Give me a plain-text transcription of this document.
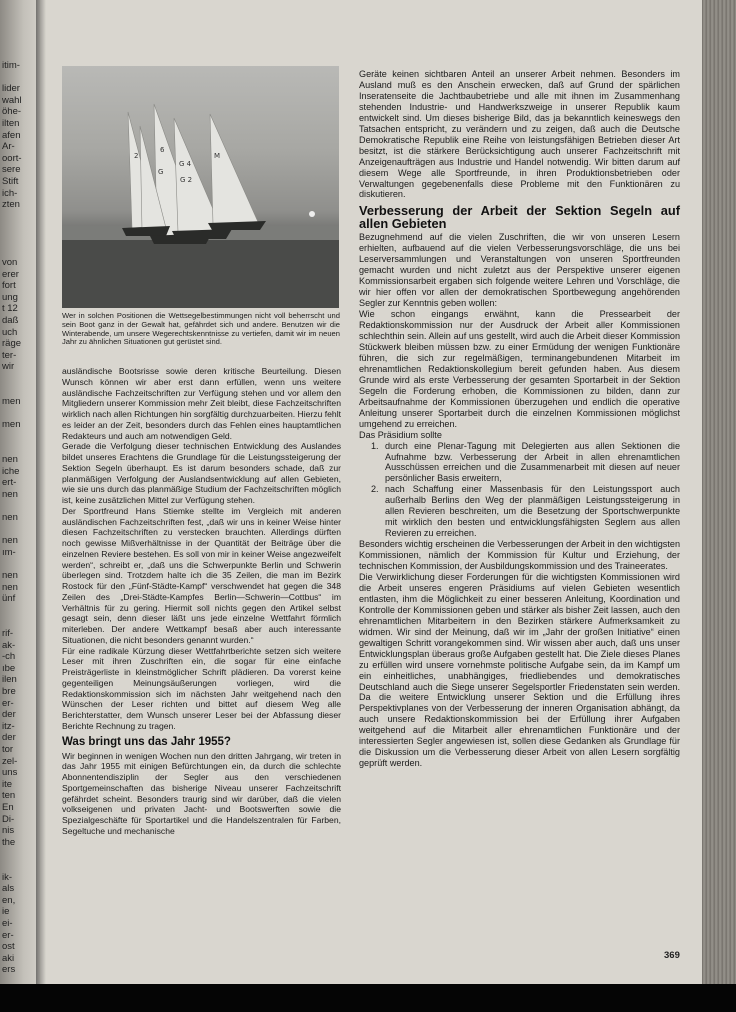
itim-

lider
wahl
öhe-
ilten
afen
Ar-
oort-
sere
Stift
ich-
zten

von
erer
fort
ung
t 12
daß
uch
räge
ter-
wir

men

men

nen
iche
ert-
nen

nen

nen
ım-

nen
nen
ünf

rif-
ak-
-ch
ıbe
ilen
bre
er-
der
itz-
der
tor
zel-
uns
ite
ten
En
Di-
nis
the

ik-
als
en,
ie
ei-
er-
ost
aki
ers
2
6
G 4
M
G
G 2
Wer in solchen Positionen die Wettsegelbestimmungen nicht voll beherrscht und sein Boot ganz in der Gewalt hat, gefährdet sich und andere. Benutzen wir die Winterabende, um unsere Wegerechtskenntnisse zu vertiefen, damit wir im neuen Jahr zu ähnlichen Situationen gut gerüstet sind.

ausländische Bootsrisse sowie deren kritische Beurteilung. Diesen Wunsch können wir aber erst dann erfüllen, wenn uns weitere ausländische Fachzeitschriften zur Verfügung stehen und vor allem den Mitgliedern unserer Kommission mehr Zeit bleibt, diese Fachzeitschriften wirklich nach allen Richtungen hin sorgfältig durchzuarbeiten. Hierzu fehlt es leider an der Zeit, besonders durch das Fehlen eines hauptamtlichen Redakteurs und auch am notwendigen Geld.

Gerade die Verfolgung dieser technischen Entwicklung des Auslandes bildet unseres Erachtens die Grundlage für die Leistungssteigerung der Sektion Segeln überhaupt. Es ist darum besonders schade, daß zur planmäßigen Verfolgung der Auslandsentwicklung auf allen Gebieten, wie sie uns durch das planmäßige Studium der Fachzeitschriften möglich ist, keine zusätzlichen Mittel zur Verfügung stehen.

Der Sportfreund Hans Stiemke stellte im Vergleich mit anderen ausländischen Fachzeitschriften fest, „daß wir uns in keiner Weise hinter diesen Fachzeitschriften zu verstecken brauchten. Allerdings dürften noch gewisse Mißverhältnisse in der Quantität der Beiträge über die einzelnen Reviere bestehen. Es soll von mir in keiner Weise angezweifelt werden“, schreibt er, „daß uns die Schwerpunkte Berlin und Schwerin überlegen sind. Trotzdem halte ich die 35 Zeilen, die man im Bezirk Rostock für den „Fünf-Städte-Kampf“ verschwendet hat gegen die 348 Zeilen des „Drei-Städte-Kampfes Berlin—Schwerin—Cottbus“ im Verhältnis für zu gering. Hiermit soll nichts gegen den Artikel selbst gesagt sein, denn dieser läßt uns jede einzelne Wettfahrt förmlich miterleben. Der andere Wettkampf besaß aber auch interessante Situationen, die nicht besonders genannt wurden.“

Für eine radikale Kürzung dieser Wettfahrtberichte setzen sich weitere Leser mit ihren Zuschriften ein, die sogar für eine einfache Preisträgerliste in kleinstmöglicher Schrift plädieren. Da vorerst keine gegenteiligen Meinungsäußerungen vorliegen, wird die Redaktionskommission sich im nächsten Jahr weitgehend nach den Wünschen der Leser richten und bittet auf diesem Weg alle Berichterstatter, dem Wunsch unserer Leser bei der Abfassung dieser Berichte Rechnung zu tragen.

Was bringt uns das Jahr 1955?

Wir beginnen in wenigen Wochen nun den dritten Jahrgang, wir treten in das Jahr 1955 mit einigen Befürchtungen ein, da durch die schlechte Abonnentendisziplin der Segler aus den verschiedenen Sportgemeinschaften das bisherige Niveau unserer Fachzeitschrift gefährdet scheint. Besonders traurig sind wir darüber, daß die vielen volkseigenen und privaten Jacht- und Bootswerften sowie die Spezialgeschäfte für Sportartikel und die Handelszentralen für Farben, Segeltuche und mechanische

Geräte keinen sichtbaren Anteil an unserer Arbeit nehmen. Besonders im Ausland muß es den Anschein erwecken, daß auf Grund der spärlichen Inseratenseite die Jachtbaubetriebe und alle mit ihnen im Zusammenhang stehenden Industrie- und Handwerkszweige in unserer Republik kaum entwickelt sind. Um dieses bisherige Bild, das ja bekanntlich keineswegs den Tatsachen entspricht, zu verändern und zu zeigen, daß auch die Deutsche Demokratische Republik eine Reihe von leistungsfähigen Betrieben dieser Art besitzt, ist die stärkere Berücksichtigung auch unserer Fachzeitschrift mit Anzeigenaufträgen aus Industrie und Handel notwendig. Wir bitten darum auf diesem Wege alle Sportfreunde, in ihren Produktionsbetrieben oder Verwaltungen gegebenenfalls diese Probleme mit den Funktionären zu diskutieren.

Verbesserung der Arbeit der Sektion Segeln auf allen Gebieten

Bezugnehmend auf die vielen Zuschriften, die wir von unseren Lesern erhielten, aufbauend auf die vielen Verbesserungsvorschläge, die uns bei Leserversammlungen und Veranstaltungen von unseren Sportfreunden gemacht wurden und nicht zuletzt aus der Perspektive unserer eigenen Kommissionsarbeit ergaben sich folgende weitere Lehren und Vorschläge, die wir hier offen vor allen der demokratischen Sportbewegung angehörenden Segler zur Kenntnis geben wollen:

Wie schon eingangs erwähnt, kann die Pressearbeit der Redaktionskommission nur der Ausdruck der Arbeit aller Kommissionen schlechthin sein. Allein auf uns gestellt, wird auch die Arbeit dieser Kommission Stückwerk bleiben müssen bzw. zu einer Ermüdung der wenigen Funktionäre führen, die sich zur regelmäßigen, terminangebundenen Mitarbeit im ehrenamtlichen Redaktionskollegium bereit gefunden haben. Aus diesem Grunde wird als erste Verbesserung der gesamten Sportarbeit in der Sektion Segeln die Forderung erhoben, die Kommissionen zu bilden, dann zur Arbeitsaufnahme der Kommissionen überzugehen und endlich die operative Anleitung unserer Sportarbeit durch die einzelnen Kommissionen möglichst umgehend zu erreichen.

Das Präsidium sollte

1. durch eine Plenar-Tagung mit Delegierten aus allen Sektionen die Aufnahme bzw. Verbesserung der Arbeit in allen ehrenamtlichen Ausschüssen erreichen und die Zusammenarbeit mit diesen auf neuer persönlicher Basis erweitern,

2. nach Schaffung einer Massenbasis für den Leistungssport auch außerhalb Berlins den Weg der planmäßigen Leistungssteigerung in allen Revieren beschreiten, um die Besetzung der Sportschwerpunkte mit wirklich den besten und entwicklungsfähigsten Seglern aus allen Revieren zu erreichen.

Besonders wichtig erscheinen die Verbesserungen der Arbeit in den wichtigsten Kommissionen, nämlich der Kommission für Kultur und Erziehung, der technischen Kommission, der Ausbildungskommission und des Traineerates.

Die Verwirklichung dieser Forderungen für die wichtigsten Kommissionen wird die Arbeit unseres engeren Präsidiums auf vielen Gebieten wesentlich entlasten, ihm die Möglichkeit zu einer besseren Anleitung, Koordination und Kontrolle der Kommissionen geben und stärker als bisher Zeit lassen, auch den ehrenamtlichen Mitarbeitern in den Bezirken stärkere Aufmerksamkeit zu widmen. Wir sind der Meinung, daß wir im „Jahr der großen Initiative“ einen gewaltigen Schritt vorangekommen sind. Wir wissen aber auch, daß uns unser Entwicklungsplan überaus große Aufgaben gestellt hat. Die Ziele dieses Planes zu erfüllen wird unsere vornehmste politische Aufgabe sein, da im Kampf um ein einheitliches, unabhängiges, friedliebendes und demokratisches Deutschland auch die Siege unserer Segelsportler Friedenstaten sein werden. Da die weitere Entwicklung unserer Sektion und die Erfüllung ihres Perspektivplanes von der Verbesserung der inneren Organisation abhängt, da auch unsere Redaktionskommission bei der Erfüllung ihrer Aufgaben weitgehend auf die Mitarbeit aller ehrenamtlichen Funktionäre und der interessierten Segler angewiesen ist, sollen diese Gedanken als Grundlage für die Diskussion um die Verbesserung dieser Arbeit von allen Lesern sorgfältig geprüft werden.

369
